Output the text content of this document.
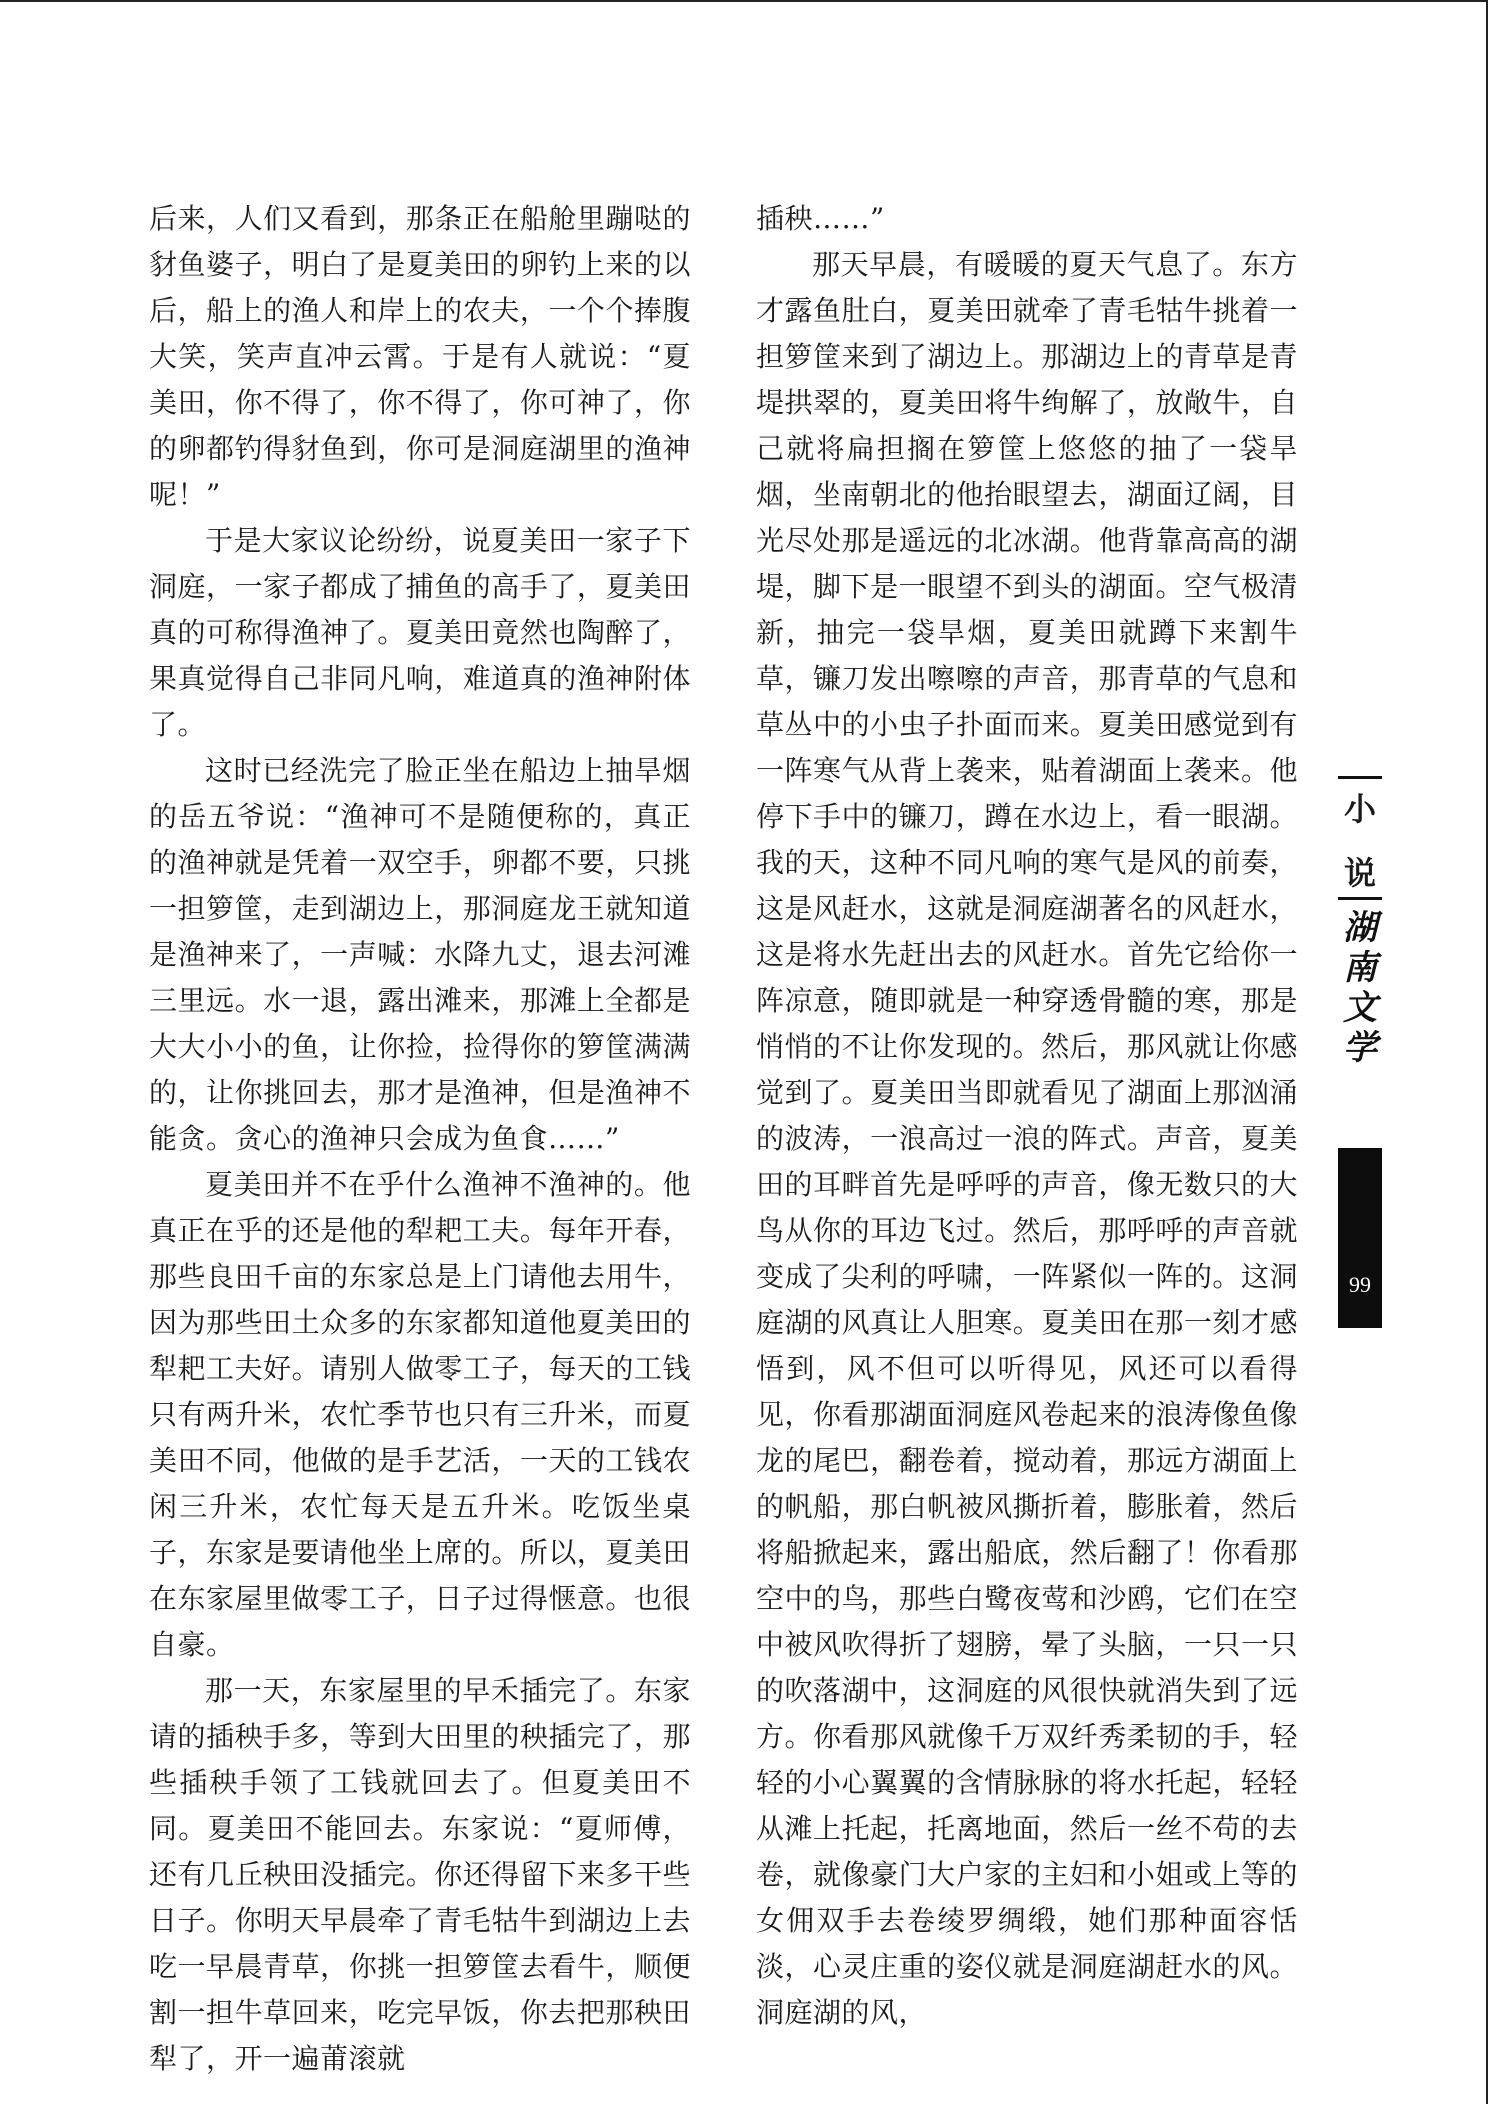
后来，人们又看到，那条正在船舱里蹦哒的豺鱼婆子，明白了是夏美田的卵钓上来的以后，船上的渔人和岸上的农夫，一个个捧腹大笑，笑声直冲云霄。于是有人就说：“夏美田，你不得了，你不得了，你可神了，你的卵都钓得豺鱼到，你可是洞庭湖里的渔神呢！”

于是大家议论纷纷，说夏美田一家子下洞庭，一家子都成了捕鱼的高手了，夏美田真的可称得渔神了。夏美田竟然也陶醉了，果真觉得自己非同凡响，难道真的渔神附体了。

这时已经洗完了脸正坐在船边上抽旱烟的岳五爷说：“渔神可不是随便称的，真正的渔神就是凭着一双空手，卵都不要，只挑一担箩筐，走到湖边上，那洞庭龙王就知道是渔神来了，一声喊：水降九丈，退去河滩三里远。水一退，露出滩来，那滩上全都是大大小小的鱼，让你捡，捡得你的箩筐满满的，让你挑回去，那才是渔神，但是渔神不能贪。贪心的渔神只会成为鱼食……”

夏美田并不在乎什么渔神不渔神的。他真正在乎的还是他的犁耙工夫。每年开春，那些良田千亩的东家总是上门请他去用牛，因为那些田土众多的东家都知道他夏美田的犁耙工夫好。请别人做零工子，每天的工钱只有两升米，农忙季节也只有三升米，而夏美田不同，他做的是手艺活，一天的工钱农闲三升米，农忙每天是五升米。吃饭坐桌子，东家是要请他坐上席的。所以，夏美田在东家屋里做零工子，日子过得惬意。也很自豪。

那一天，东家屋里的早禾插完了。东家请的插秧手多，等到大田里的秧插完了，那些插秧手领了工钱就回去了。但夏美田不同。夏美田不能回去。东家说：“夏师傅，还有几丘秧田没插完。你还得留下来多干些日子。你明天早晨牵了青毛牯牛到湖边上去吃一早晨青草，你挑一担箩筐去看牛，顺便割一担牛草回来，吃完早饭，你去把那秧田犁了，开一遍莆滚就

插秧……”

那天早晨，有暖暖的夏天气息了。东方才露鱼肚白，夏美田就牵了青毛牯牛挑着一担箩筐来到了湖边上。那湖边上的青草是青堤拱翠的，夏美田将牛绚解了，放敞牛，自己就将扁担搁在箩筐上悠悠的抽了一袋旱烟，坐南朝北的他抬眼望去，湖面辽阔，目光尽处那是遥远的北冰湖。他背靠高高的湖堤，脚下是一眼望不到头的湖面。空气极清新，抽完一袋旱烟，夏美田就蹲下来割牛草，镰刀发出嚓嚓的声音，那青草的气息和草丛中的小虫子扑面而来。夏美田感觉到有一阵寒气从背上袭来，贴着湖面上袭来。他停下手中的镰刀，蹲在水边上，看一眼湖。我的天，这种不同凡响的寒气是风的前奏，这是风赶水，这就是洞庭湖著名的风赶水，这是将水先赶出去的风赶水。首先它给你一阵凉意，随即就是一种穿透骨髓的寒，那是悄悄的不让你发现的。然后，那风就让你感觉到了。夏美田当即就看见了湖面上那汹涌的波涛，一浪高过一浪的阵式。声音，夏美田的耳畔首先是呼呼的声音，像无数只的大鸟从你的耳边飞过。然后，那呼呼的声音就变成了尖利的呼啸，一阵紧似一阵的。这洞庭湖的风真让人胆寒。夏美田在那一刻才感悟到，风不但可以听得见，风还可以看得见，你看那湖面洞庭风卷起来的浪涛像鱼像龙的尾巴，翻卷着，搅动着，那远方湖面上的帆船，那白帆被风撕折着，膨胀着，然后将船掀起来，露出船底，然后翻了！你看那空中的鸟，那些白鹭夜莺和沙鸥，它们在空中被风吹得折了翅膀，晕了头脑，一只一只的吹落湖中，这洞庭的风很快就消失到了远方。你看那风就像千万双纤秀柔韧的手，轻轻的小心翼翼的含情脉脉的将水托起，轻轻从滩上托起，托离地面，然后一丝不苟的去卷，就像豪门大户家的主妇和小姐或上等的女佣双手去卷绫罗绸缎，她们那种面容恬淡，心灵庄重的姿仪就是洞庭湖赶水的风。洞庭湖的风，

小
说
湖
南
文
学
99
